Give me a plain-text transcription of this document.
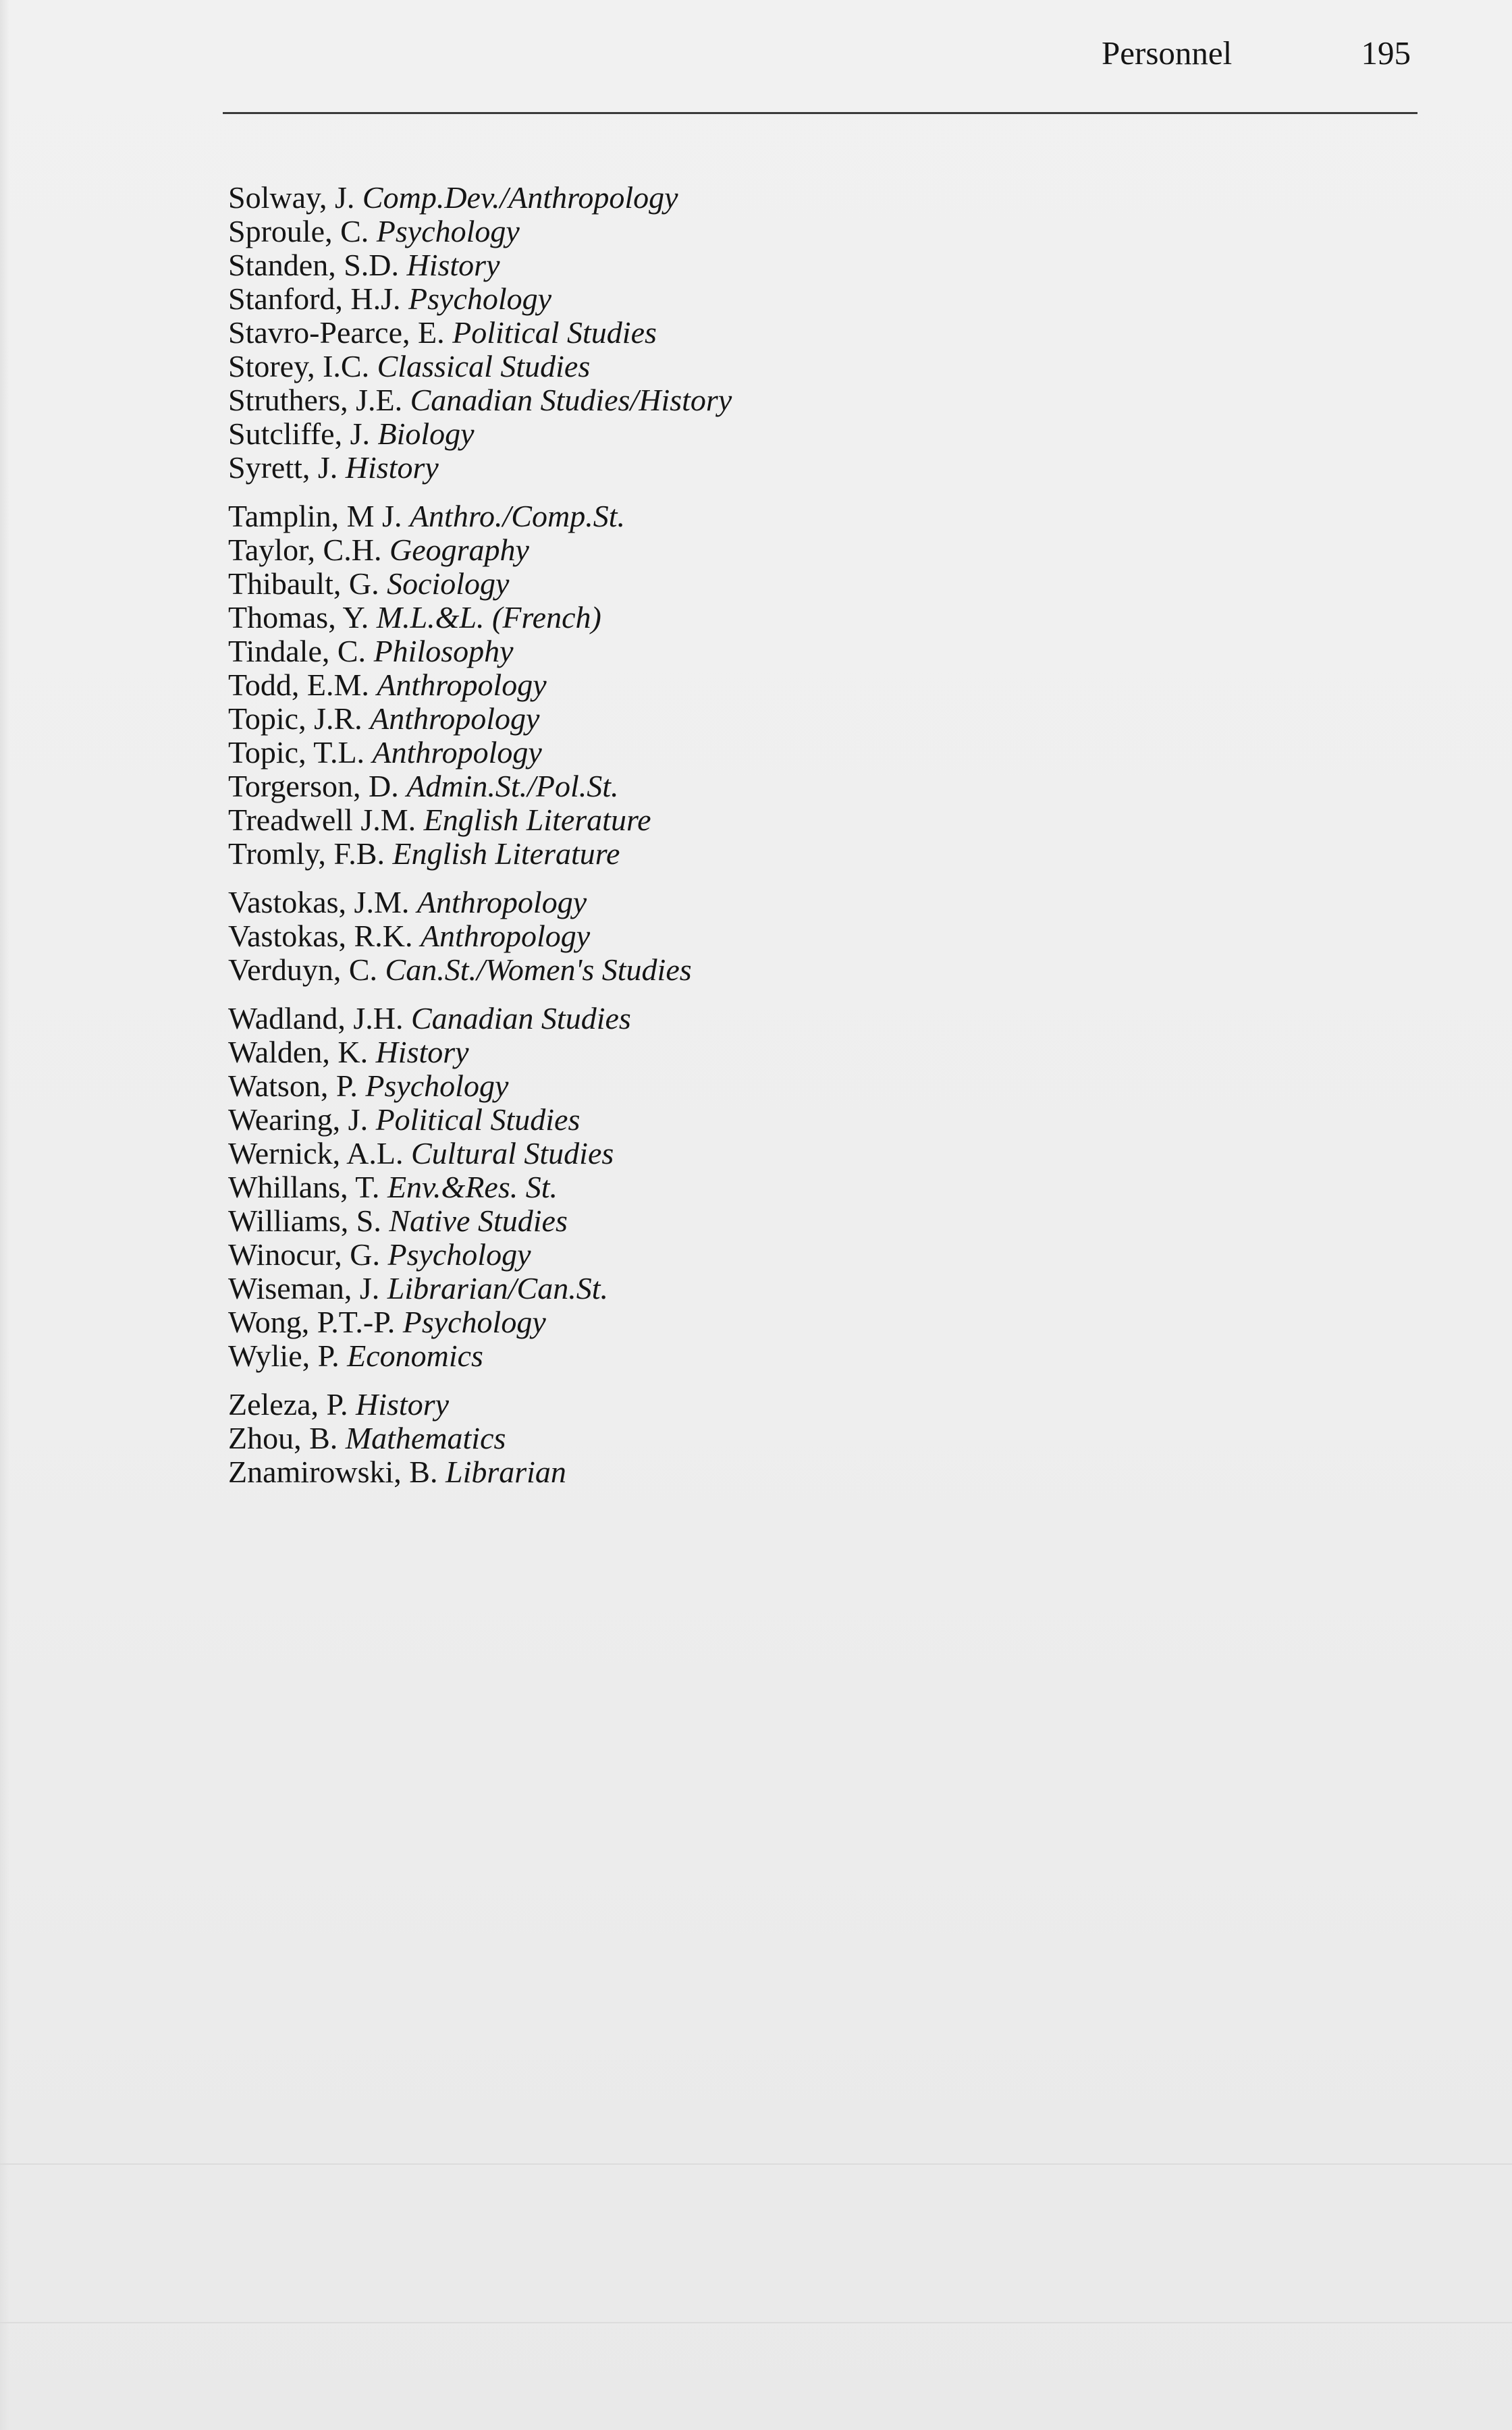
Personnel	195
Solway, J. Comp.Dev./Anthropology
Sproule, C. Psychology
Standen, S.D. History
Stanford, H.J. Psychology
Stavro-Pearce, E. Political Studies
Storey, I.C. Classical Studies
Struthers, J.E. Canadian Studies/History
Sutcliffe, J. Biology
Syrett, J. History
Tamplin, M J. Anthro./Comp.St.
Taylor, C.H. Geography
Thibault, G. Sociology
Thomas, Y. M.L.&L. (French)
Tindale, C. Philosophy
Todd, E.M. Anthropology
Topic, J.R. Anthropology
Topic, T.L. Anthropology
Torgerson, D. Admin.St./Pol.St.
Treadwell J.M. English Literature
Tromly, F.B. English Literature
Vastokas, J.M. Anthropology
Vastokas, R.K. Anthropology
Verduyn, C. Can.St./Women's Studies
Wadland, J.H. Canadian Studies
Walden, K. History
Watson, P. Psychology
Wearing, J. Political Studies
Wernick, A.L. Cultural Studies
Whillans, T. Env.&Res. St.
Williams, S. Native Studies
Winocur, G. Psychology
Wiseman, J. Librarian/Can.St.
Wong, P.T.-P. Psychology
Wylie, P. Economics
Zeleza, P. History
Zhou, B. Mathematics
Znamirowski, B. Librarian
